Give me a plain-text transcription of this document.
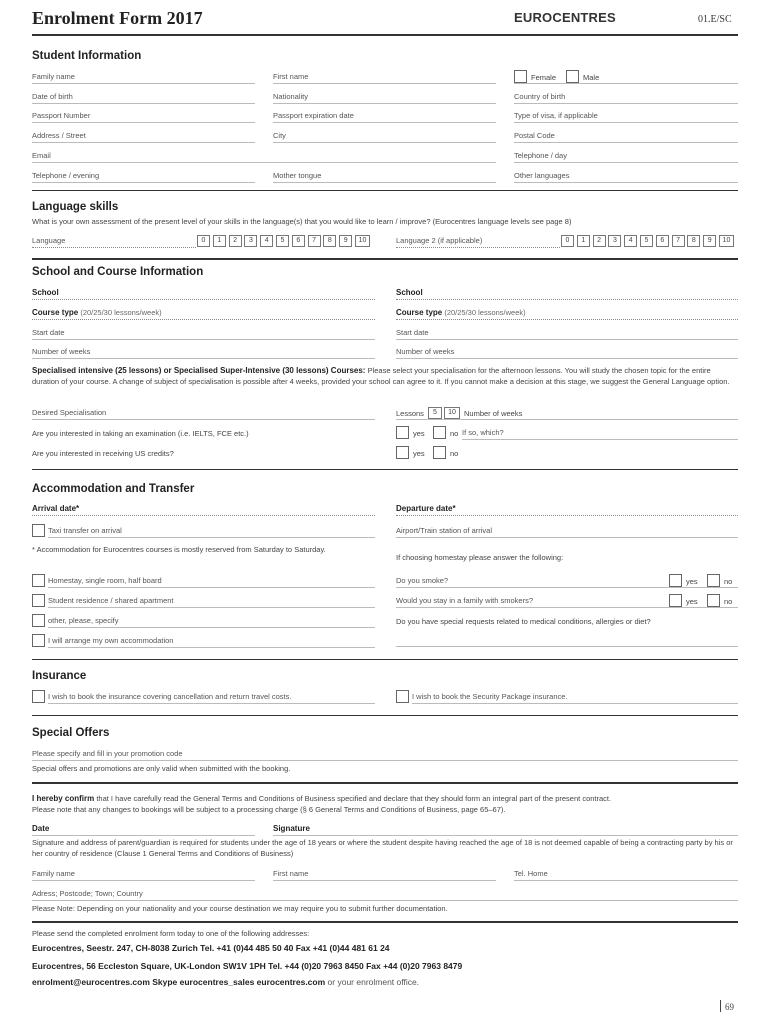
Enrolment Form 2017	EUROCENTRES	01.E/SC
Student Information
Family name	First name	Female	Male
Date of birth	Nationality	Country of birth
Passport Number	Passport expiration date	Type of visa, if applicable
Address / Street	City	Postal Code
Email	Telephone / day
Telephone / evening	Mother tongue	Other languages
Language skills
What is your own assessment of the present level of your skills in the language(s) that you would like to learn / improve? (Eurocentres language levels see page 8)
Language	0	1	2	3	4	5	6	7	8	9	10	Language 2 (if applicable)	0	1	2	3	4	5	6	7	8	9	10
School and Course Information
School	School
Course type (20/25/30 lessons/week)	Course type (20/25/30 lessons/week)
Start date	Start date
Number of weeks	Number of weeks
Specialised intensive (25 lessons) or Specialised Super-Intensive (30 lessons) Courses: Please select your specialisation for the afternoon lessons. You will study the chosen topic for the entire duration of your course. A change of subject of specialisation is possible after 4 weeks, provided your school can agree to it. If you cannot make a decision at this stage, we suggest the General Language option.
Desired Specialisation	Lessons	5	10	Number of weeks
Are you interested in taking an examination (i.e. IELTS, FCE etc.)	yes	no If so, which?
Are you interested in receiving US credits?	yes	no
Accommodation and Transfer
Arrival date*	Departure date*
Taxi transfer on arrival	Airport/Train station of arrival
* Accommodation for Eurocentres courses is mostly reserved from Saturday to Saturday.
If choosing homestay please answer the following:
Homestay, single room, half board	Do you smoke?	yes	no
Student residence / shared apartment	Would you stay in a family with smokers?	yes	no
other, please, specify	Do you have special requests related to medical conditions, allergies or diet?
I will arrange my own accommodation
Insurance
I wish to book the insurance covering cancellation and return travel costs.	I wish to book the Security Package insurance.
Special Offers
Please specify and fill in your promotion code
Special offers and promotions are only valid when submitted with the booking.
I hereby confirm that I have carefully read the General Terms and Conditions of Business specified and declare that they should form an integral part of the present contract.
Please note that any changes to bookings will be subject to a processing charge (§ 6 General Terms and Conditions of Business, page 65–67).
Date	Signature
Signature and address of parent/guardian is required for students under the age of 18 years or where the student despite having reached the age of 18 is not deemed capable of being a contracting party by his or her country of residence (Clause 1 General Terms and Conditions of Business)
Family name	First name	Tel. Home
Adress; Postcode; Town; Country
Please Note: Depending on your nationality and your course destination we may require you to submit further documentation.
Please send the completed enrolment form today to one of the following addresses:
Eurocentres, Seestr. 247, CH-8038 Zurich Tel. +41 (0)44 485 50 40 Fax +41 (0)44 481 61 24
Eurocentres, 56 Eccleston Square, UK-London SW1V 1PH Tel. +44 (0)20 7963 8450 Fax +44 (0)20 7963 8479
enrolment@eurocentres.com Skype eurocentres_sales eurocentres.com or your enrolment office.
69
